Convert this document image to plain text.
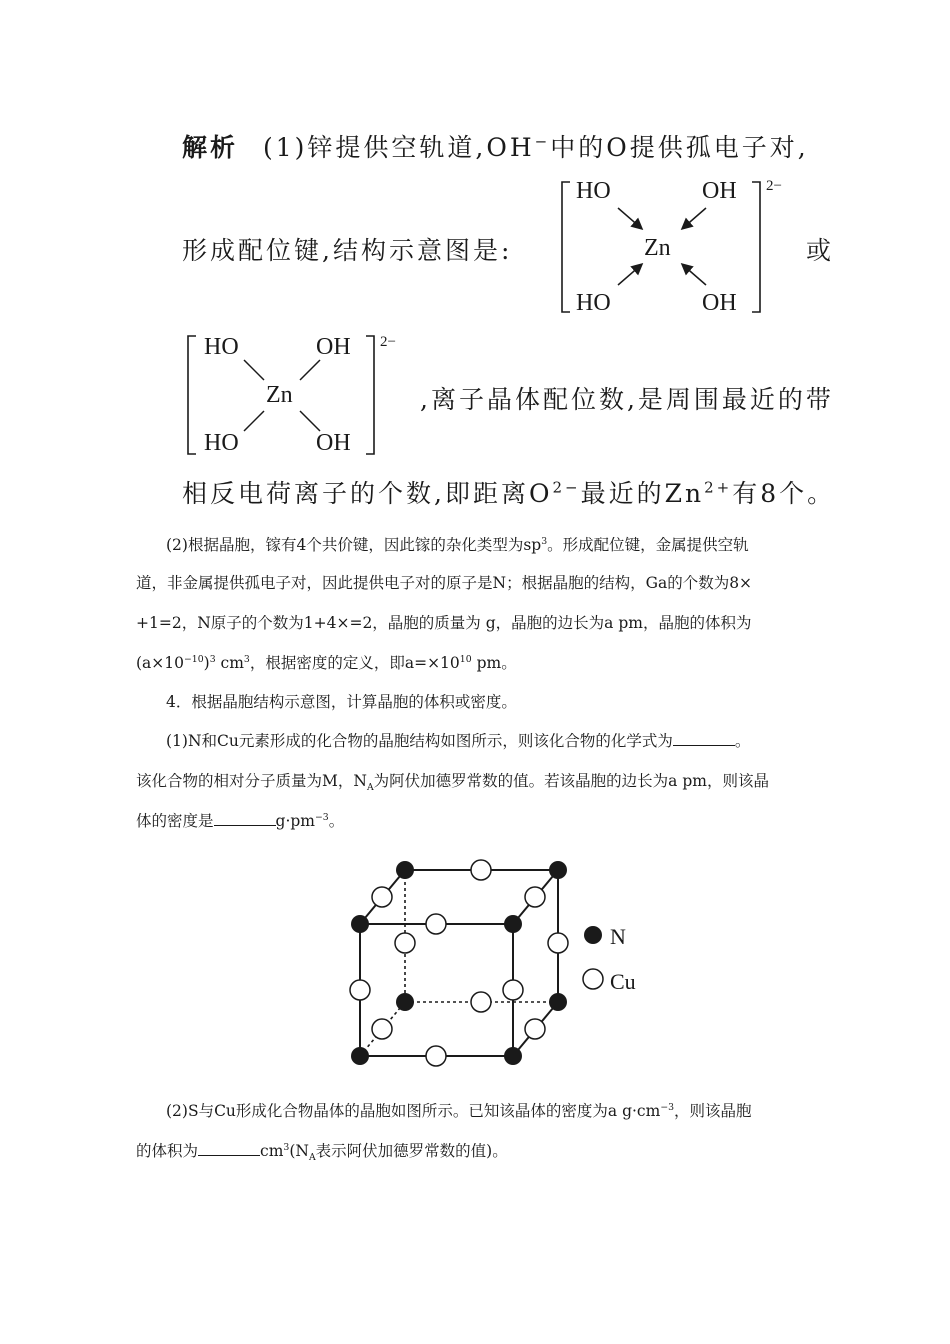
解析 (1)锌提供空轨道,OH−中的O提供孤电子对,
形成配位键,结构示意图是:	或
HO	OH
Zn
HO	OH
2−
HO	OH
Zn
HO	OH
2−
,离子晶体配位数,是周围最近的带
相反电荷离子的个数,即距离$O^{2-}$最近的$Zn^{2+}$有8个。
(2)根据晶胞，镓有4个共价键，因此镓的杂化类型为$sp^3$。形成配位键，金属提供空轨
道，非金属提供孤电子对，因此提供电子对的原子是N；根据晶胞的结构，Ga的个数为8×
+1=2，N原子的个数为1+4×=2，晶胞的质量为 g，晶胞的边长为a pm，晶胞的体积为
$(a\times 10^{-10})^3$ $cm^3$，根据密度的定义，即$a=\times 10^{10}$ pm。
4．根据晶胞结构示意图，计算晶胞的体积或密度。
(1)N和Cu元素形成的化合物的晶胞结构如图所示，则该化合物的化学式为	。
该化合物的相对分子质量为M，$N_A$为阿伏加德罗常数的值。若该晶胞的边长为a pm，则该晶
体的密度是	$g\cdot pm^{-3}$。
N
Cu
(2)S与Cu形成化合物晶体的晶胞如图所示。已知该晶体的密度为a $g\cdot cm^{-3}$，则该晶胞
的体积为	$cm^3(N_A$表示阿伏加德罗常数的值)。
